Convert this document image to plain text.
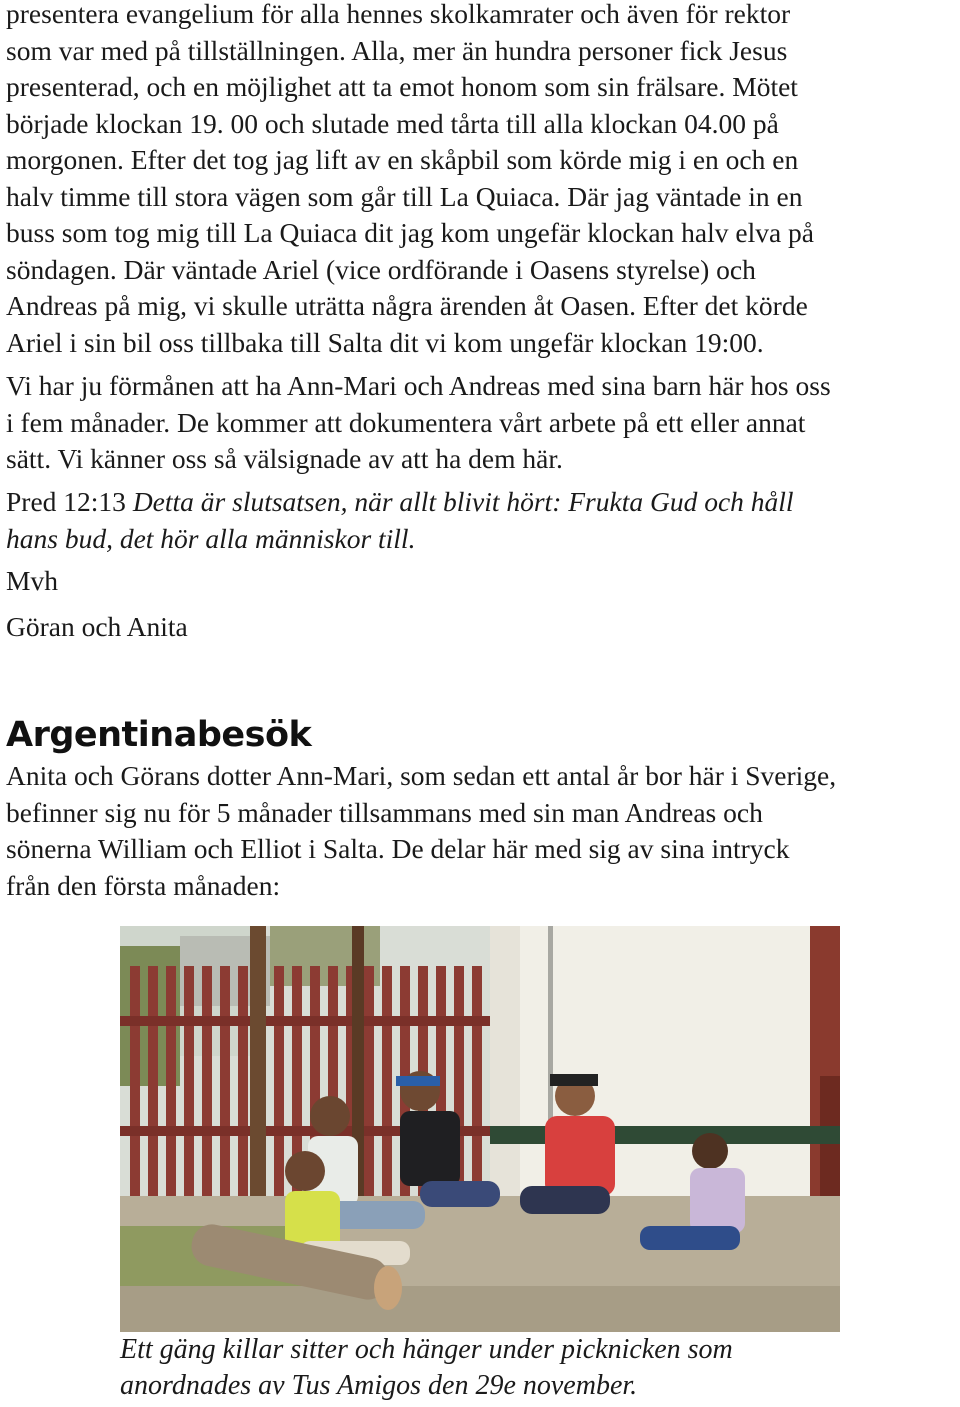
presentera evangelium för alla hennes skolkamrater och även för rektor
som var med på tillställningen. Alla, mer än hundra personer fick Jesus
presenterad, och en möjlighet att ta emot honom som sin frälsare. Mötet
började klockan 19. 00 och slutade med tårta till alla klockan 04.00 på
morgonen. Efter det tog jag lift av en skåpbil som körde mig i en och en
halv timme till stora vägen som går till La Quiaca. Där jag väntade in en
buss som tog mig till La Quiaca dit jag kom ungefär klockan halv elva på
söndagen. Där väntade Ariel (vice ordförande i Oasens styrelse) och
Andreas på mig, vi skulle uträtta några ärenden åt Oasen. Efter det körde
Ariel i sin bil oss tillbaka till Salta dit vi kom ungefär klockan 19:00.

Vi har ju förmånen att ha Ann-Mari och Andreas med sina barn här hos oss
i fem månader. De kommer att dokumentera vårt arbete på ett eller annat
sätt. Vi känner oss så välsignade av att ha dem här.

Pred 12:13 Detta är slutsatsen, när allt blivit hört: Frukta Gud och håll
hans bud, det hör alla människor till.

Mvh

Göran och Anita

Argentinabesök

Anita och Görans dotter Ann-Mari, som sedan ett antal år bor här i Sverige,
befinner sig nu för 5 månader tillsammans med sin man Andreas och
sönerna William och Elliot i Salta. De delar här med sig av sina intryck
från den första månaden:

Ett gäng killar sitter och hänger under picknicken som
anordnades av Tus Amigos den 29e november.
